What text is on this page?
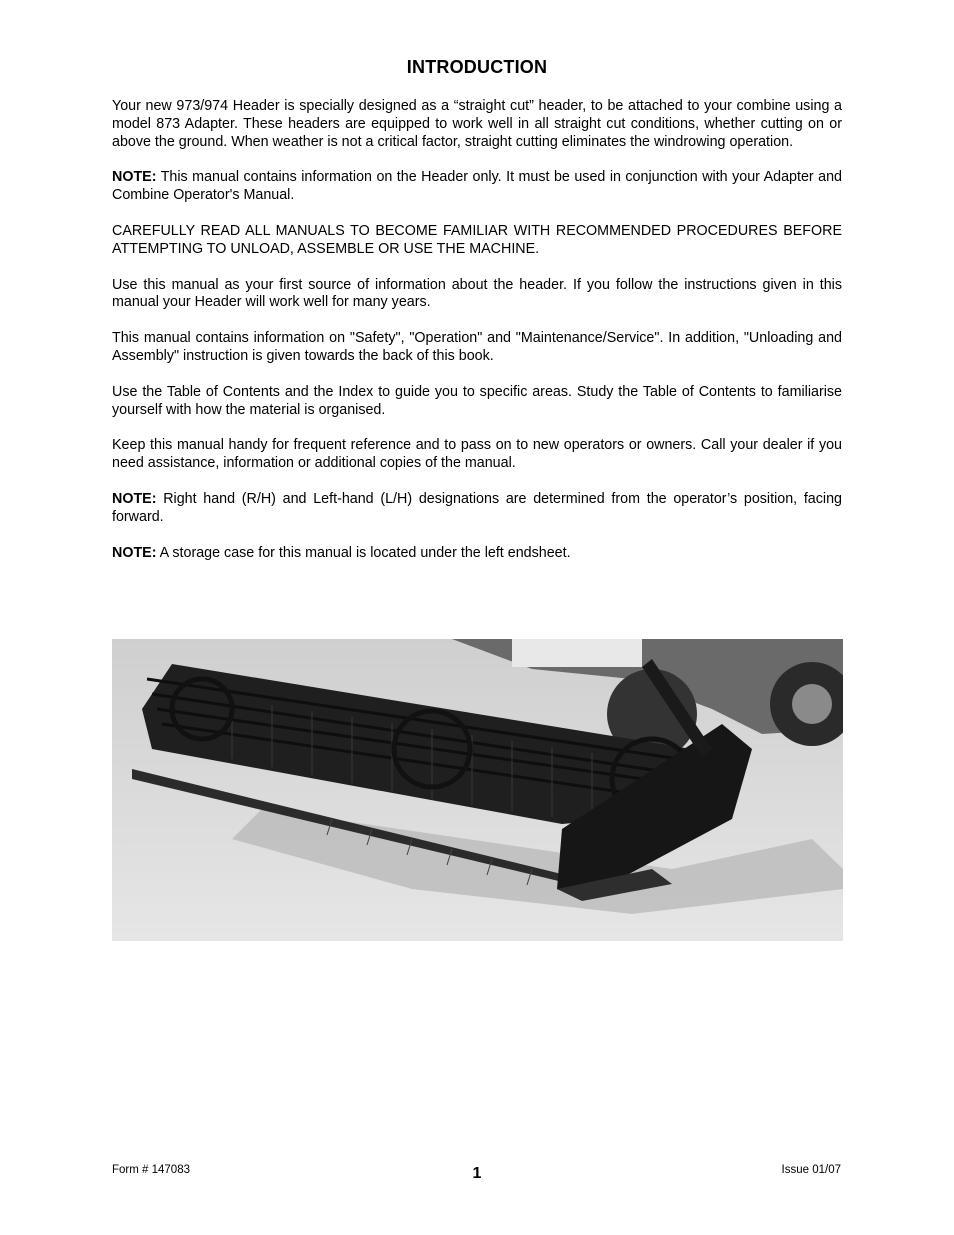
INTRODUCTION

Your new 973/974 Header is specially designed as a “straight cut” header, to be attached to your combine using a model 873 Adapter. These headers are equipped to work well in all straight cut conditions, whether cutting on or above the ground. When weather is not a critical factor, straight cutting eliminates the windrowing operation.

NOTE: This manual contains information on the Header only. It must be used in conjunction with your Adapter and Combine Operator's Manual.

CAREFULLY READ ALL MANUALS TO BECOME FAMILIAR WITH RECOMMENDED PROCEDURES BEFORE ATTEMPTING TO UNLOAD, ASSEMBLE OR USE THE MACHINE.

Use this manual as your first source of information about the header. If you follow the instructions given in this manual your Header will work well for many years.

This manual contains information on "Safety", "Operation" and "Maintenance/Service". In addition, "Unloading and Assembly" instruction is given towards the back of this book.

Use the Table of Contents and the Index to guide you to specific areas. Study the Table of Contents to familiarise yourself with how the material is organised.

Keep this manual handy for frequent reference and to pass on to new operators or owners. Call your dealer if you need assistance, information or additional copies of the manual.

NOTE: Right hand (R/H) and Left-hand (L/H) designations are determined from the operator’s position, facing forward.

NOTE: A storage case for this manual is located under the left endsheet.

Form # 147083	1	Issue 01/07
